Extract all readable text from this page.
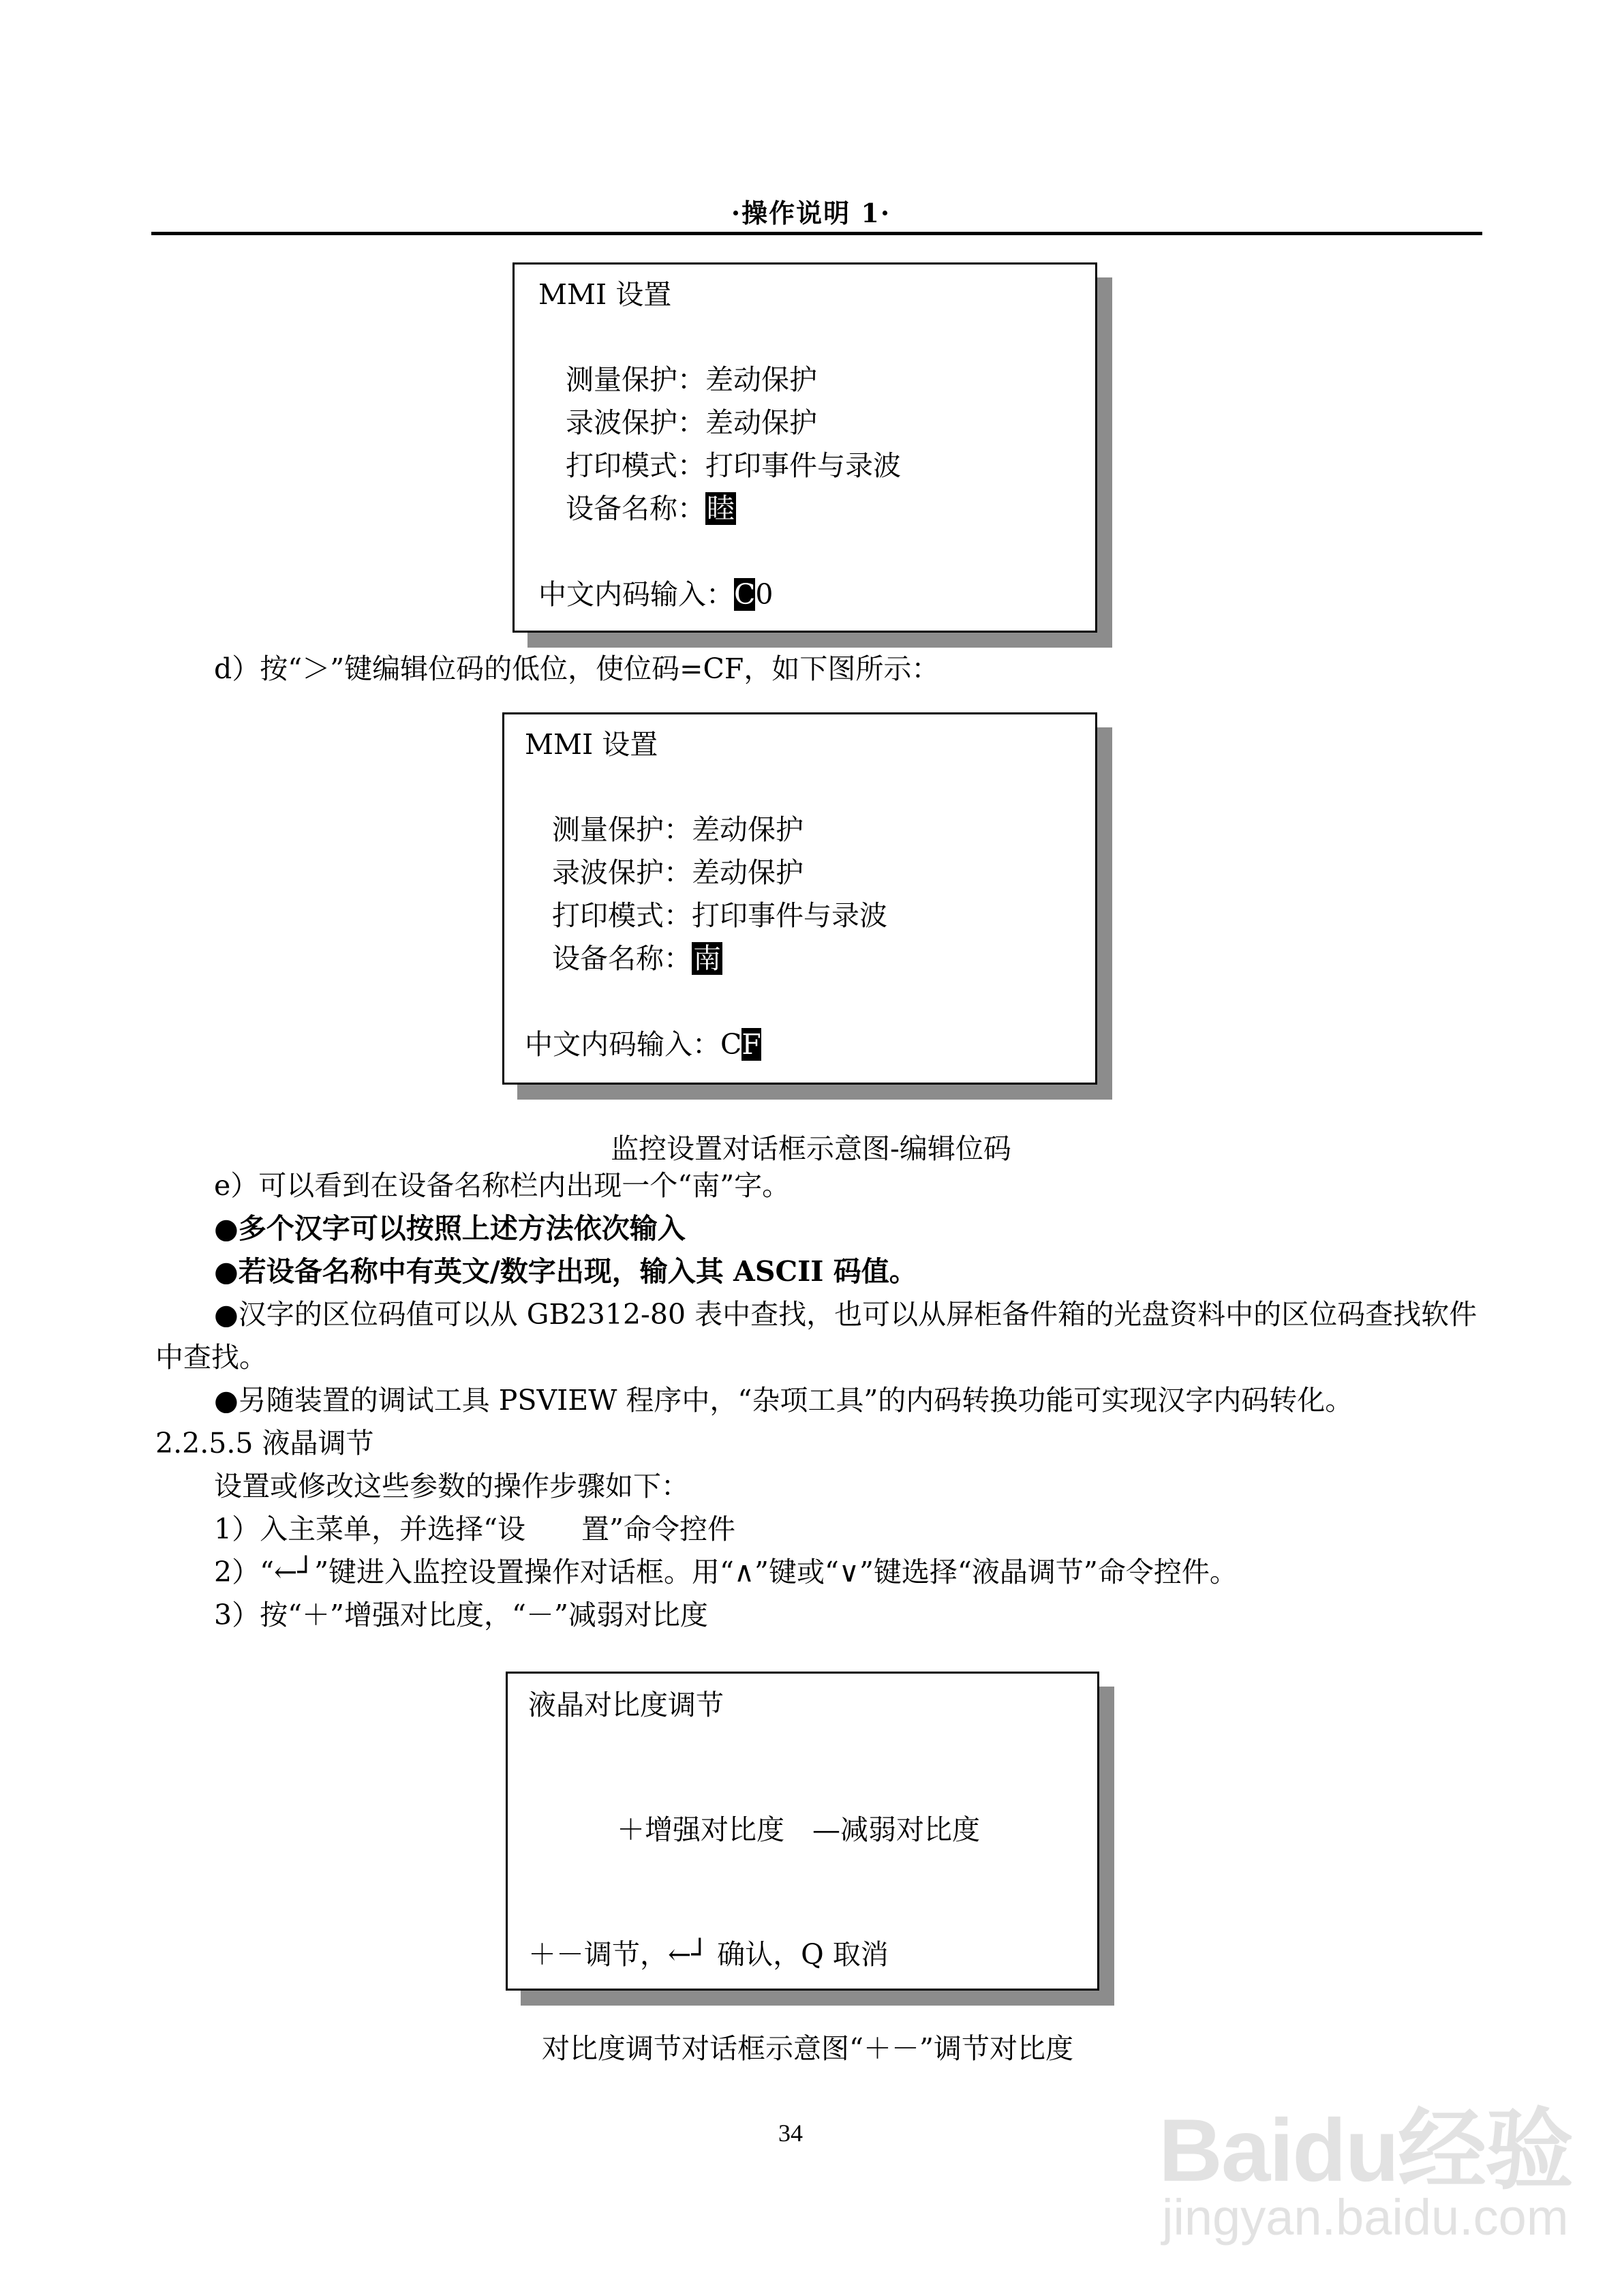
·操作说明 1·
MMI 设置
测量保护：差动保护
录波保护：差动保护
打印模式：打印事件与录波
设备名称：睦
中文内码输入：C0
d）按“＞”键编辑位码的低位，使位码=CF，如下图所示：
MMI 设置
测量保护：差动保护
录波保护：差动保护
打印模式：打印事件与录波
设备名称：南
中文内码输入：CF
监控设置对话框示意图-编辑位码
e）可以看到在设备名称栏内出现一个“南”字。
●多个汉字可以按照上述方法依次输入
●若设备名称中有英文/数字出现，输入其 ASCII 码值。
●汉字的区位码值可以从 GB2312-80 表中查找，也可以从屏柜备件箱的光盘资料中的区位码查找软件
中查找。
●另随装置的调试工具 PSVIEW 程序中，“杂项工具”的内码转换功能可实现汉字内码转化。
2.2.5.5 液晶调节
设置或修改这些参数的操作步骤如下：
1）入主菜单，并选择“设　　置”命令控件
2）“←┘”键进入监控设置操作对话框。用“∧”键或“∨”键选择“液晶调节”命令控件。
3）按“＋”增强对比度，“－”减弱对比度
液晶对比度调节
＋增强对比度　—减弱对比度
＋－调节，←┘ 确认，Q 取消
对比度调节对话框示意图“＋－”调节对比度
34	Baidu经验
jingyan.baidu.com
